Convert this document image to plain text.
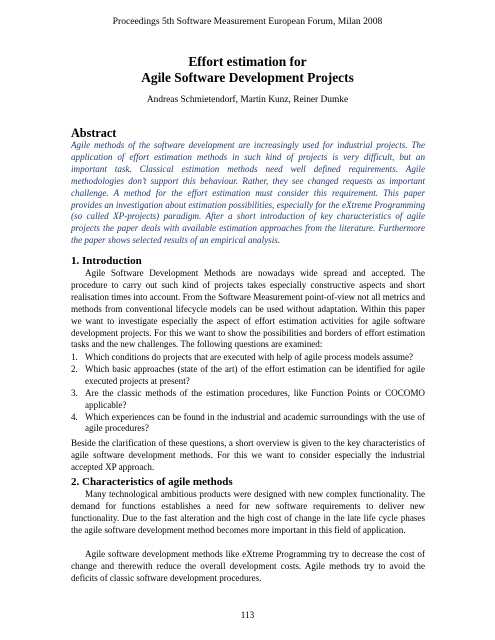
Proceedings 5th Software Measurement European Forum, Milan 2008
Effort estimation for
Agile Software Development Projects
Andreas Schmietendorf, Martin Kunz, Reiner Dumke
Abstract

Agile methods of the software development are increasingly used for industrial projects. The application of effort estimation methods in such kind of projects is very difficult, but an important task. Classical estimation methods need well defined requirements. Agile methodologies don’t support this behaviour. Rather, they see changed requests as important challenge. A method for the effort estimation must consider this requirement. This paper provides an investigation about estimation possibilities, especially for the eXtreme Programming (so called XP-projects) paradigm. After a short introduction of key characteristics of agile projects the paper deals with available estimation approaches from the literature. Furthermore the paper shows selected results of an empirical analysis.

1. Introduction

Agile Software Development Methods are nowadays wide spread and accepted. The procedure to carry out such kind of projects takes especially constructive aspects and short realisation times into account. From the Software Measurement point-of-view not all metrics and methods from conventional lifecycle models can be used without adaptation. Within this paper we want to investigate especially the aspect of effort estimation activities for agile software development projects. For this we want to show the possibilities and borders of effort estimation tasks and the new challenges. The following questions are examined:

1. Which conditions do projects that are executed with help of agile process models assume?
2. Which basic approaches (state of the art) of the effort estimation can be identified for agile executed projects at present?
3. Are the classic methods of the estimation procedures, like Function Points or COCOMO applicable?
4. Which experiences can be found in the industrial and academic surroundings with the use of agile procedures?

Beside the clarification of these questions, a short overview is given to the key characteristics of agile software development methods. For this we want to consider especially the industrial accepted XP approach.

2. Characteristics of agile methods

Many technological ambitious products were designed with new complex functionality. The demand for functions establishes a need for new software requirements to deliver new functionality. Due to the fast alteration and the high cost of change in the late life cycle phases the agile software development method becomes more important in this field of application.

Agile software development methods like eXtreme Programming try to decrease the cost of change and therewith reduce the overall development costs. Agile methods try to avoid the deficits of classic software development procedures.

113
